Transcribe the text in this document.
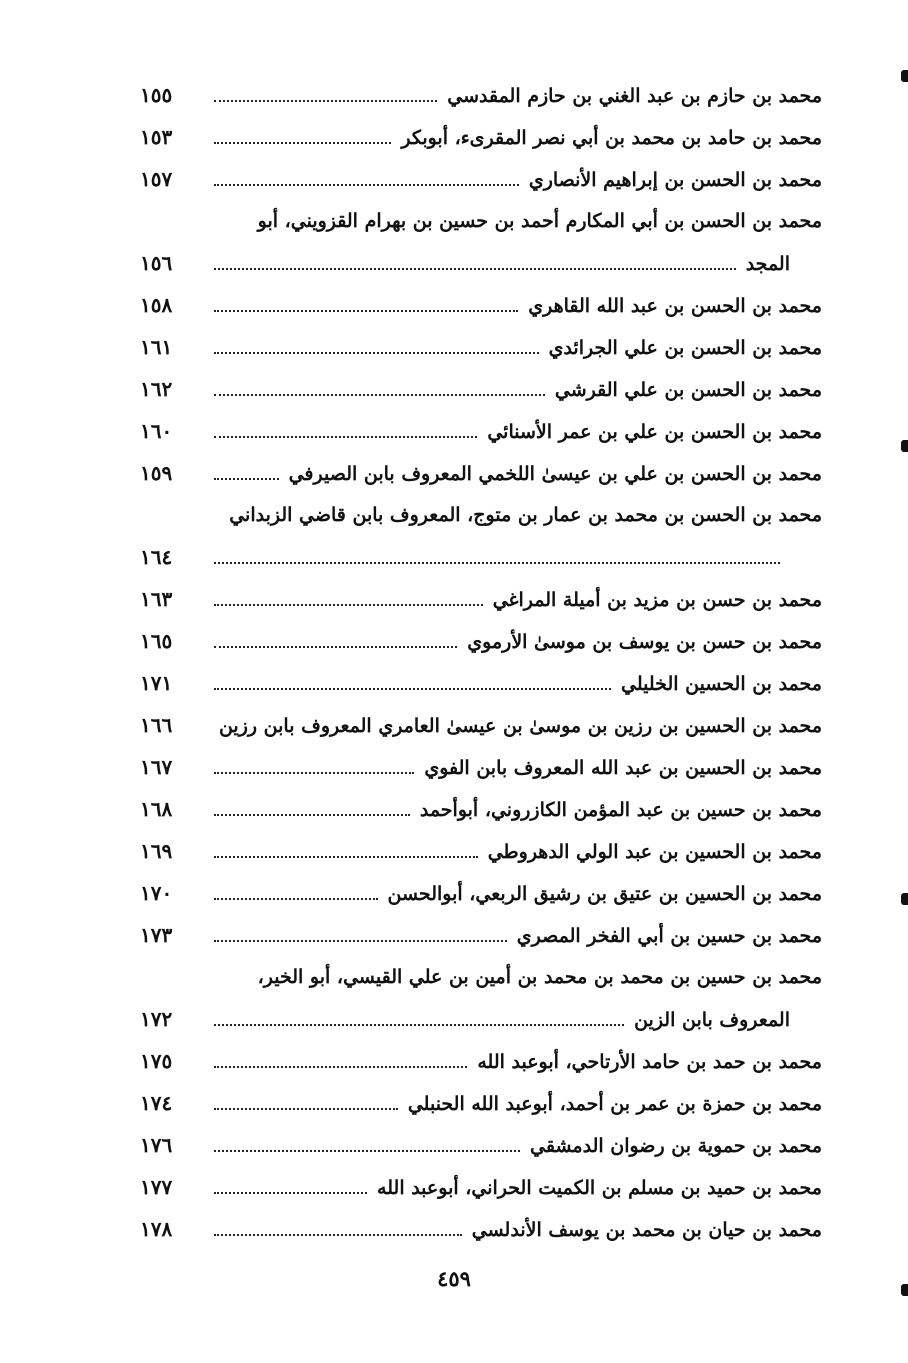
محمد بن حازم بن عبد الغني بن حازم المقدسي
١٥٥
محمد بن حامد بن محمد بن أبي نصر المقرىء، أبوبكر
١٥٣
محمد بن الحسن بن إبراهيم الأنصاري
١٥٧
محمد بن الحسن بن أبي المكارم أحمد بن حسين بن بهرام القزويني، أبو
المجد
١٥٦
محمد بن الحسن بن عبد الله القاهري
١٥٨
محمد بن الحسن بن علي الجرائدي
١٦١
محمد بن الحسن بن علي القرشي
١٦٢
محمد بن الحسن بن علي بن عمر الأسنائي
١٦٠
محمد بن الحسن بن علي بن عيسىٰ اللخمي المعروف بابن الصيرفي
١٥٩
محمد بن الحسن بن محمد بن عمار بن متوج، المعروف بابن قاضي الزبداني
١٦٤
محمد بن حسن بن مزيد بن أميلة المراغي
١٦٣
محمد بن حسن بن يوسف بن موسىٰ الأرموي
١٦٥
محمد بن الحسين الخليلي
١٧١
محمد بن الحسين بن رزين بن موسىٰ بن عيسىٰ العامري المعروف بابن رزين
١٦٦
محمد بن الحسين بن عبد الله المعروف بابن الفوي
١٦٧
محمد بن حسين بن عبد المؤمن الكازروني، أبوأحمد
١٦٨
محمد بن الحسين بن عبد الولي الدهروطي
١٦٩
محمد بن الحسين بن عتيق بن رشيق الربعي، أبوالحسن
١٧٠
محمد بن حسين بن أبي الفخر المصري
١٧٣
محمد بن حسين بن محمد بن محمد بن أمين بن علي القيسي، أبو الخير،
المعروف بابن الزين
١٧٢
محمد بن حمد بن حامد الأرتاحي، أبوعبد الله
١٧٥
محمد بن حمزة بن عمر بن أحمد، أبوعبد الله الحنبلي
١٧٤
محمد بن حموية بن رضوان الدمشقي
١٧٦
محمد بن حميد بن مسلم بن الكميت الحراني، أبوعبد الله
١٧٧
محمد بن حيان بن محمد بن يوسف الأندلسي
١٧٨
٤٥٩
